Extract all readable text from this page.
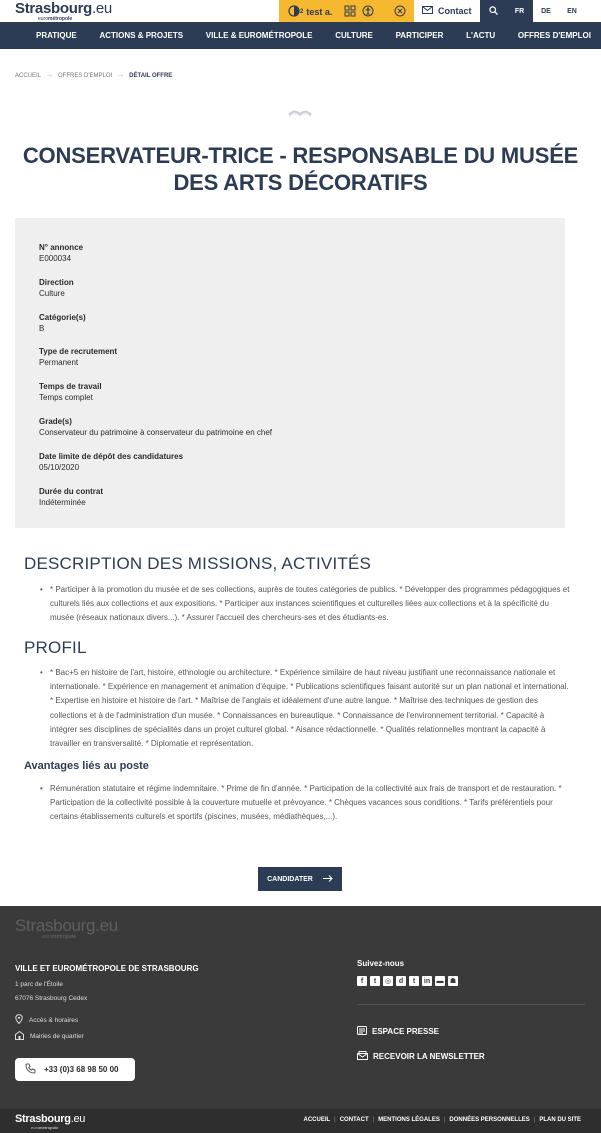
Strasbourg.eu
eurométropole
2 test a.	Contact	FR	DE	EN
PRATIQUE	ACTIONS & PROJETS	VILLE & EUROMÉTROPOLE	CULTURE	PARTICIPER	L'ACTU	OFFRES D'EMPLOI
ACCUEIL → OFFRES D'EMPLOI → DÉTAIL OFFRE
CONSERVATEUR-TRICE - RESPONSABLE DU MUSÉE DES ARTS DÉCORATIFS
N° annonce
E000034
Direction
Culture
Catégorie(s)
B
Type de recrutement
Permanent
Temps de travail
Temps complet
Grade(s)
Conservateur du patrimoine à conservateur du patrimoine en chef
Date limite de dépôt des candidatures
05/10/2020
Durée du contrat
Indéterminée
DESCRIPTION DES MISSIONS, ACTIVITÉS
• * Participer à la promotion du musée et de ses collections, auprès de toutes catégories de publics. * Développer des programmes pédagogiques et culturels liés aux collections et aux expositions. * Participer aux instances scientifiques et culturelles liées aux collections et à la spécificité du musée (réseaux nationaux divers...). * Assurer l'accueil des chercheurs-ses et des étudiants-es.
PROFIL
• * Bac+5 en histoire de l'art, histoire, ethnologie ou architecture. * Expérience similaire de haut niveau justifiant une reconnaissance nationale et internationale. * Expérience en management et animation d'équipe. * Publications scientifiques faisant autorité sur un plan national et international. * Expertise en histoire et histoire de l'art. * Maîtrise de l'anglais et idéalement d'une autre langue. * Maîtrise des techniques de gestion des collections et à de l'administration d'un musée. * Connaissances en bureautique. * Connaissance de l'environnement territorial. * Capacité à intégrer ses disciplines de spécialités dans un projet culturel global. * Aisance rédactionnelle. * Qualités relationnelles montrant la capacité à travailler en transversalité. * Diplomatie et représentation.
Avantages liés au poste
• Rémunération statutaire et régime indemnitaire. * Prime de fin d'année. * Participation de la collectivité aux frais de transport et de restauration. * Participation de la collectivité possible à la couverture mutuelle et prévoyance. * Chèques vacances sous conditions. * Tarifs préférentiels pour certains établissements culturels et sportifs (piscines, musées, médiathèques,...).
CANDIDATER
Strasbourg.eu
eurométropole
VILLE ET EUROMÉTROPOLE DE STRASBOURG
1 parc de l'Étoile
67076 Strasbourg Cedex
Accès & horaires
Mairies de quartier
+33 (0)3 68 98 50 00
Suivez-nous
f	t	◎	d	t	in ▬ ☗
ESPACE PRESSE
RECEVOIR LA NEWSLETTER
Strasbourg.eu
eurométropole
ACCUEIL | CONTACT | MENTIONS LÉGALES | DONNÉES PERSONNELLES | PLAN DU SITE
